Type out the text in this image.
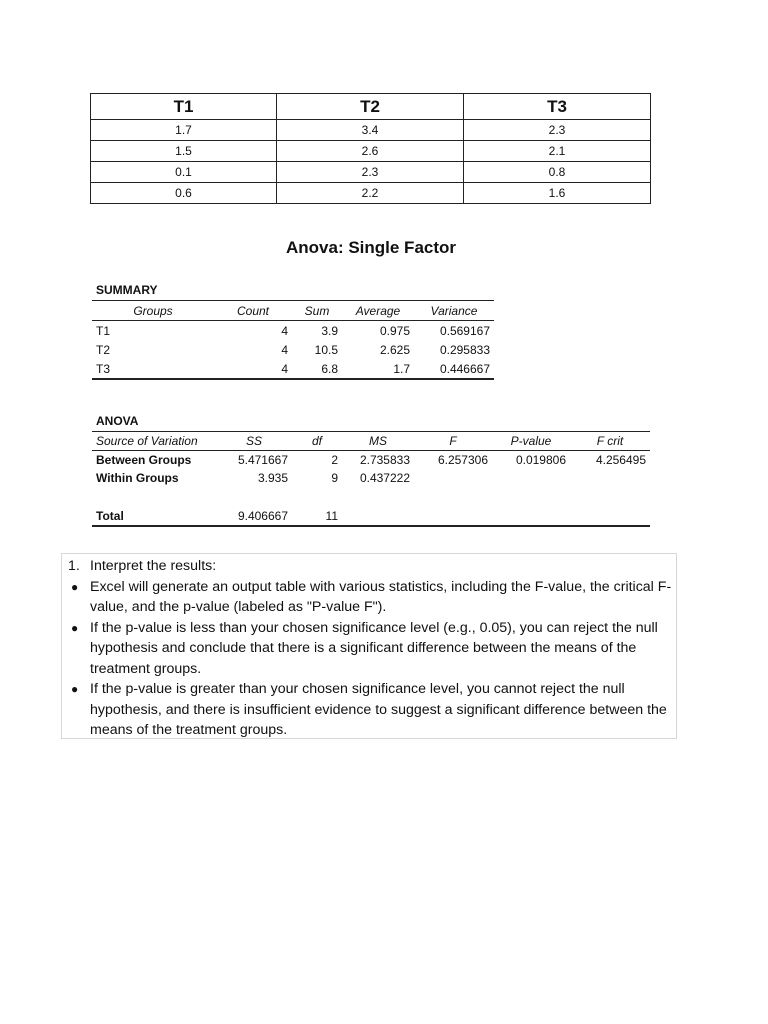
T1	T2	T3
1.7	3.4	2.3
1.5	2.6	2.1
0.1	2.3	0.8
0.6	2.2	1.6
Anova: Single Factor
SUMMARY
Groups	Count	Sum	Average	Variance
T1	4	3.9	0.975	0.569167
T2	4	10.5	2.625	0.295833
T3	4	6.8	1.7	0.446667
ANOVA
Source of Variation	SS	df	MS	F	P-value	F crit
Between Groups	5.471667	2	2.735833	6.257306	0.019806	4.256495
Within Groups	3.935	9	0.437222			

Total	9.406667	11				
1. Interpret the results:
● Excel will generate an output table with various statistics, including the F-value, the critical F-value, and the p-value (labeled as "P-value F").
● If the p-value is less than your chosen significance level (e.g., 0.05), you can reject the null hypothesis and conclude that there is a significant difference between the means of the treatment groups.
● If the p-value is greater than your chosen significance level, you cannot reject the null hypothesis, and there is insufficient evidence to suggest a significant difference between the means of the treatment groups.
